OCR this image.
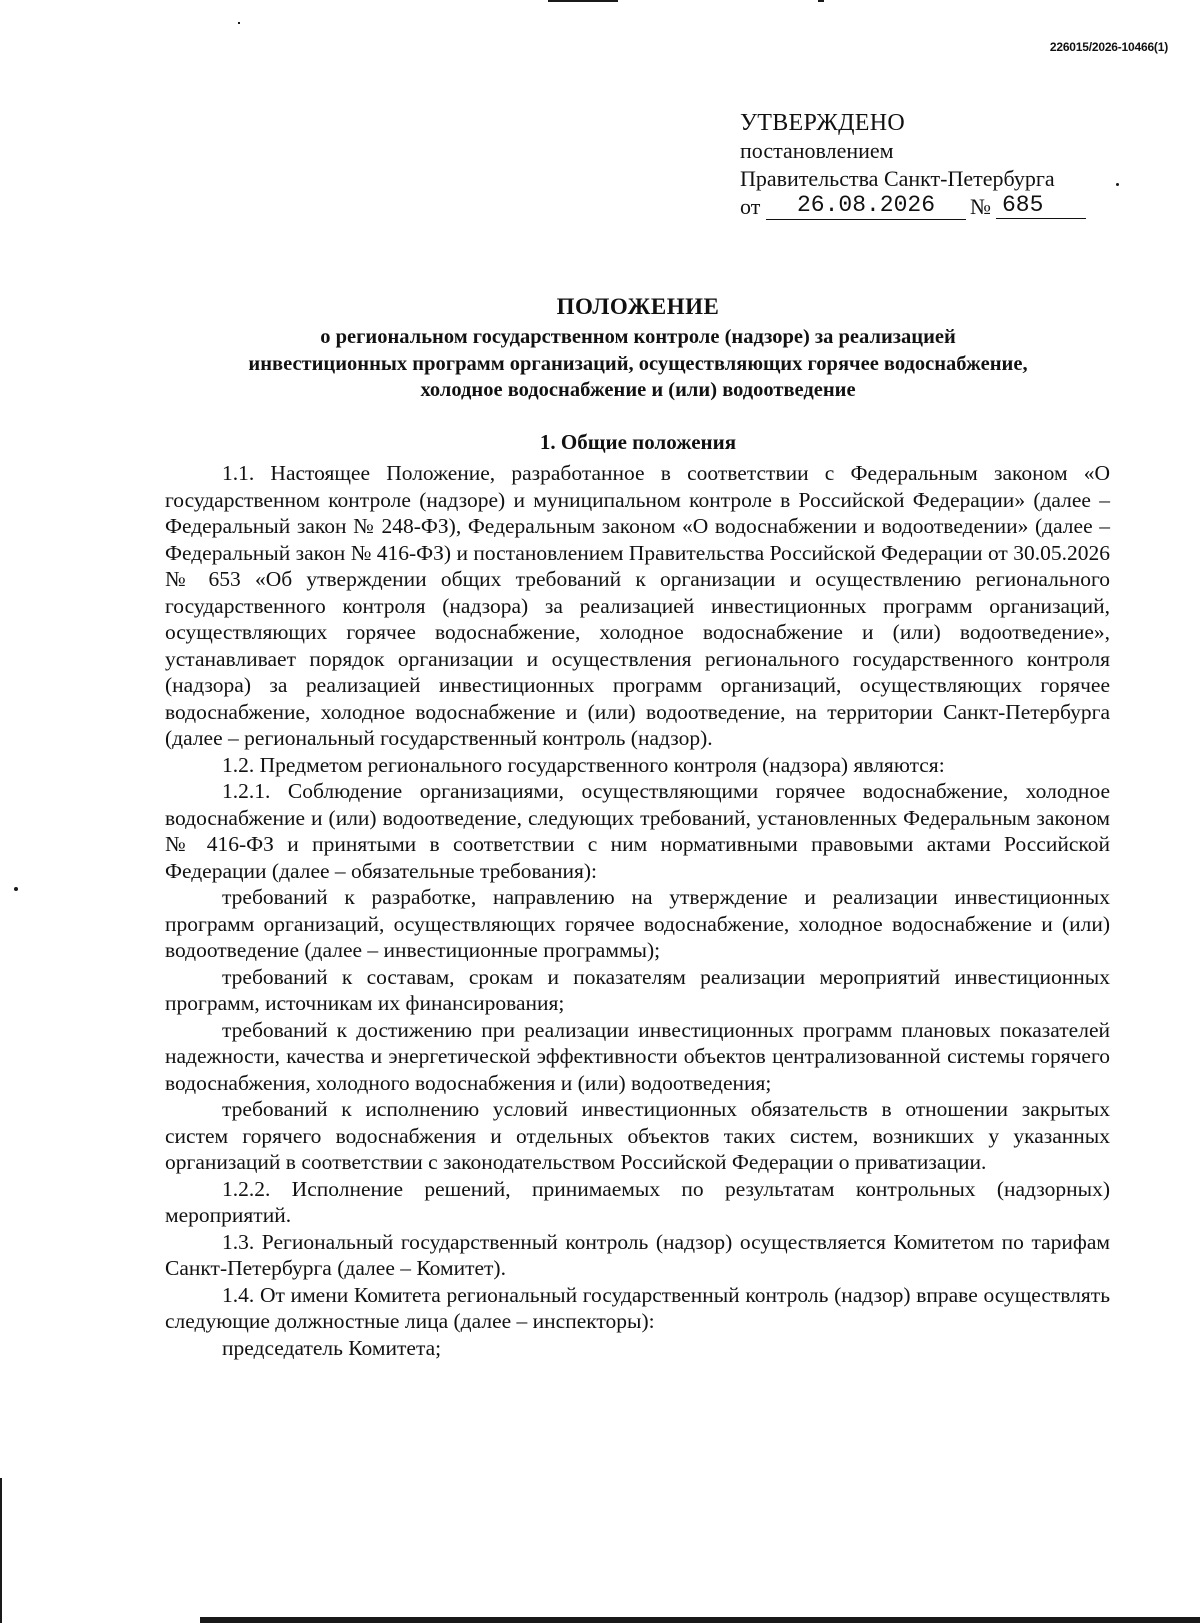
226015/2026-10466(1)
УТВЕРЖДЕНО
постановлением
Правительства Санкт-Петербурга
от	26.08.2026	№ 685
ПОЛОЖЕНИЕ
о региональном государственном контроле (надзоре) за реализацией
инвестиционных программ организаций, осуществляющих горячее водоснабжение,
холодное водоснабжение и (или) водоотведение
1. Общие положения

1.1. Настоящее Положение, разработанное в соответствии с Федеральным законом «О государственном контроле (надзоре) и муниципальном контроле в Российской Федерации» (далее – Федеральный закон № 248-ФЗ), Федеральным законом «О водоснабжении и водоотведении» (далее – Федеральный закон № 416-ФЗ) и постановлением Правительства Российской Федерации от 30.05.2026 № 653 «Об утверждении общих требований к организации и осуществлению регионального государственного контроля (надзора) за реализацией инвестиционных программ организаций, осуществляющих горячее водоснабжение, холодное водоснабжение и (или) водоотведение», устанавливает порядок организации и осуществления регионального государственного контроля (надзора) за реализацией инвестиционных программ организаций, осуществляющих горячее водоснабжение, холодное водоснабжение и (или) водоотведение, на территории Санкт-Петербурга (далее – региональный государственный контроль (надзор).

1.2. Предметом регионального государственного контроля (надзора) являются:

1.2.1. Соблюдение организациями, осуществляющими горячее водоснабжение, холодное водоснабжение и (или) водоотведение, следующих требований, установленных Федеральным законом № 416-ФЗ и принятыми в соответствии с ним нормативными правовыми актами Российской Федерации (далее – обязательные требования):

требований к разработке, направлению на утверждение и реализации инвестиционных программ организаций, осуществляющих горячее водоснабжение, холодное водоснабжение и (или) водоотведение (далее – инвестиционные программы);

требований к составам, срокам и показателям реализации мероприятий инвестиционных программ, источникам их финансирования;

требований к достижению при реализации инвестиционных программ плановых показателей надежности, качества и энергетической эффективности объектов централизованной системы горячего водоснабжения, холодного водоснабжения и (или) водоотведения;

требований к исполнению условий инвестиционных обязательств в отношении закрытых систем горячего водоснабжения и отдельных объектов таких систем, возникших у указанных организаций в соответствии с законодательством Российской Федерации о приватизации.

1.2.2. Исполнение решений, принимаемых по результатам контрольных (надзорных) мероприятий.

1.3. Региональный государственный контроль (надзор) осуществляется Комитетом по тарифам Санкт-Петербурга (далее – Комитет).

1.4. От имени Комитета региональный государственный контроль (надзор) вправе осуществлять следующие должностные лица (далее – инспекторы):

председатель Комитета;
